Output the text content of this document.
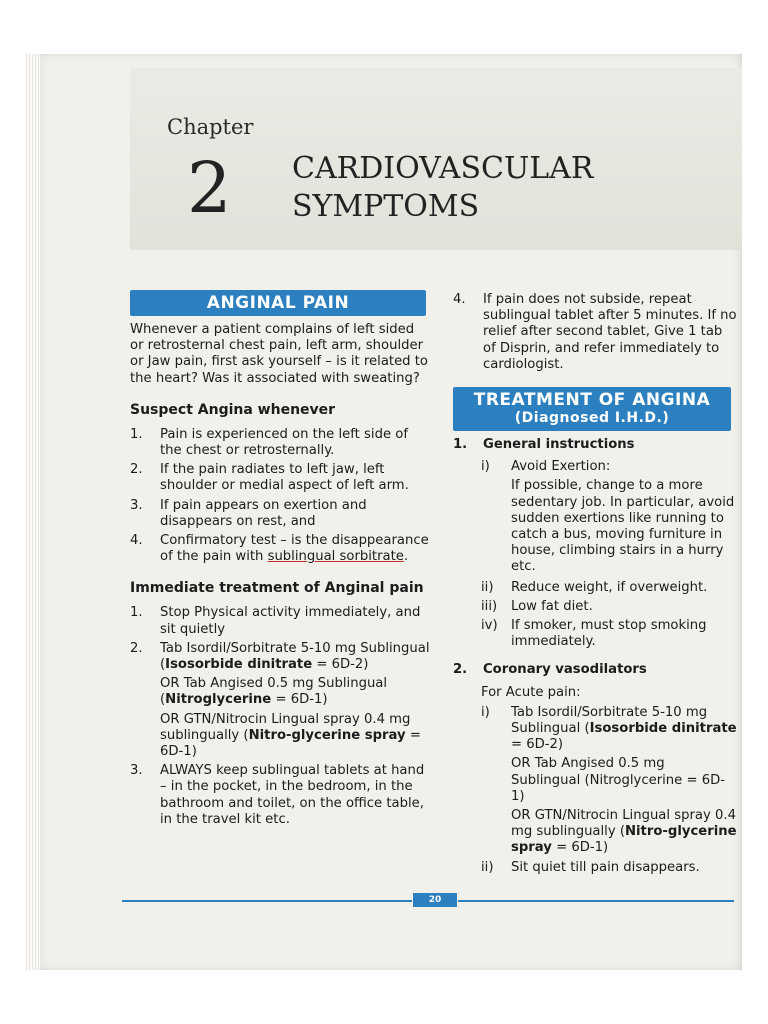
Chapter
2 CARDIOVASCULAR
SYMPTOMS
ANGINAL PAIN

Whenever a patient complains of left sided or retrosternal chest pain, left arm, shoulder or Jaw pain, first ask yourself – is it related to the heart? Was it associated with sweating?

Suspect Angina whenever
1. Pain is experienced on the left side of the chest or retrosternally.
2. If the pain radiates to left jaw, left shoulder or medial aspect of left arm.
3. If pain appears on exertion and disappears on rest, and
4. Confirmatory test – is the disappearance of the pain with sublingual sorbitrate.
Immediate treatment of Anginal pain
1. Stop Physical activity immediately, and sit quietly
2. Tab Isordil/Sorbitrate 5-10 mg Sublingual (Isosorbide dinitrate = 6D-2)
OR Tab Angised 0.5 mg Sublingual (Nitroglycerine = 6D-1)
OR GTN/Nitrocin Lingual spray 0.4 mg sublingually (Nitro-glycerine spray = 6D-1)
3. ALWAYS keep sublingual tablets at hand – in the pocket, in the bedroom, in the bathroom and toilet, on the office table, in the travel kit etc.
4. If pain does not subside, repeat sublingual tablet after 5 minutes. If no relief after second tablet, Give 1 tab of Disprin, and refer immediately to cardiologist.
TREATMENT OF ANGINA
(Diagnosed I.H.D.)
1. General instructions
i) Avoid Exertion:
If possible, change to a more sedentary job. In particular, avoid sudden exertions like running to catch a bus, moving furniture in house, climbing stairs in a hurry etc.
ii) Reduce weight, if overweight.
iii) Low fat diet.
iv) If smoker, must stop smoking immediately.
2. Coronary vasodilators
For Acute pain:
i) Tab Isordil/Sorbitrate 5-10 mg Sublingual (Isosorbide dinitrate = 6D-2)
OR Tab Angised 0.5 mg Sublingual (Nitroglycerine = 6D-1)
OR GTN/Nitrocin Lingual spray 0.4 mg sublingually (Nitro-glycerine spray = 6D-1)
ii) Sit quiet till pain disappears.
20
